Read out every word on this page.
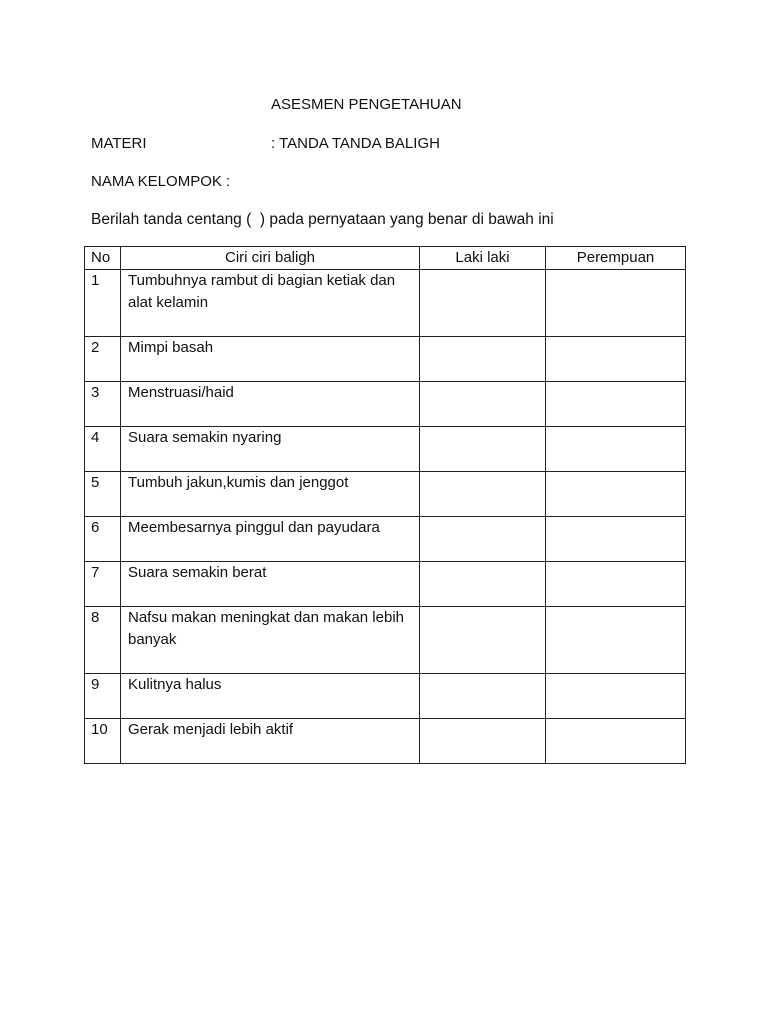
ASESMEN PENGETAHUAN
MATERI	: TANDA TANDA BALIGH
NAMA KELOMPOK :
Berilah tanda centang (  ) pada pernyataan yang benar di bawah ini
No	Ciri ciri baligh	Laki laki	Perempuan
1	Tumbuhnya rambut di bagian ketiak dan alat kelamin		
2	Mimpi basah		
3	Menstruasi/haid		
4	Suara semakin nyaring		
5	Tumbuh jakun,kumis dan jenggot		
6	Meembesarnya pinggul dan payudara		
7	Suara semakin berat		
8	Nafsu makan meningkat dan makan lebih banyak		
9	Kulitnya halus		
10	Gerak menjadi lebih aktif		
